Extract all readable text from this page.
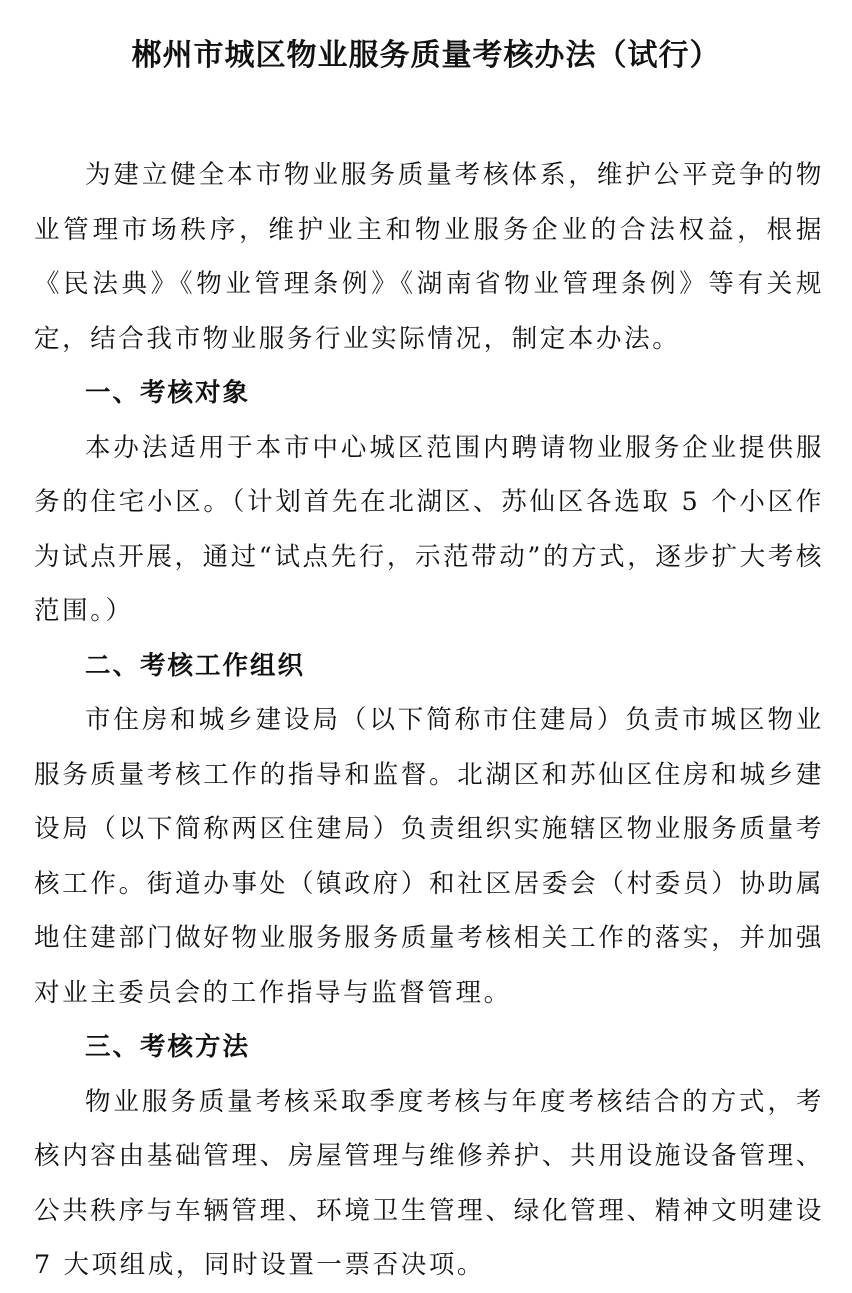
郴州市城区物业服务质量考核办法（试行）

为建立健全本市物业服务质量考核体系，维护公平竞争的物业管理市场秩序，维护业主和物业服务企业的合法权益，根据《民法典》《物业管理条例》《湖南省物业管理条例》等有关规定，结合我市物业服务行业实际情况，制定本办法。

一、考核对象

本办法适用于本市中心城区范围内聘请物业服务企业提供服务的住宅小区。（计划首先在北湖区、苏仙区各选取 5 个小区作为试点开展，通过“试点先行，示范带动”的方式，逐步扩大考核范围。）

二、考核工作组织

市住房和城乡建设局（以下简称市住建局）负责市城区物业服务质量考核工作的指导和监督。北湖区和苏仙区住房和城乡建设局（以下简称两区住建局）负责组织实施辖区物业服务质量考核工作。街道办事处（镇政府）和社区居委会（村委员）协助属地住建部门做好物业服务服务质量考核相关工作的落实，并加强对业主委员会的工作指导与监督管理。

三、考核方法

物业服务质量考核采取季度考核与年度考核结合的方式，考核内容由基础管理、房屋管理与维修养护、共用设施设备管理、公共秩序与车辆管理、环境卫生管理、绿化管理、精神文明建设 7 大项组成，同时设置一票否决项。
